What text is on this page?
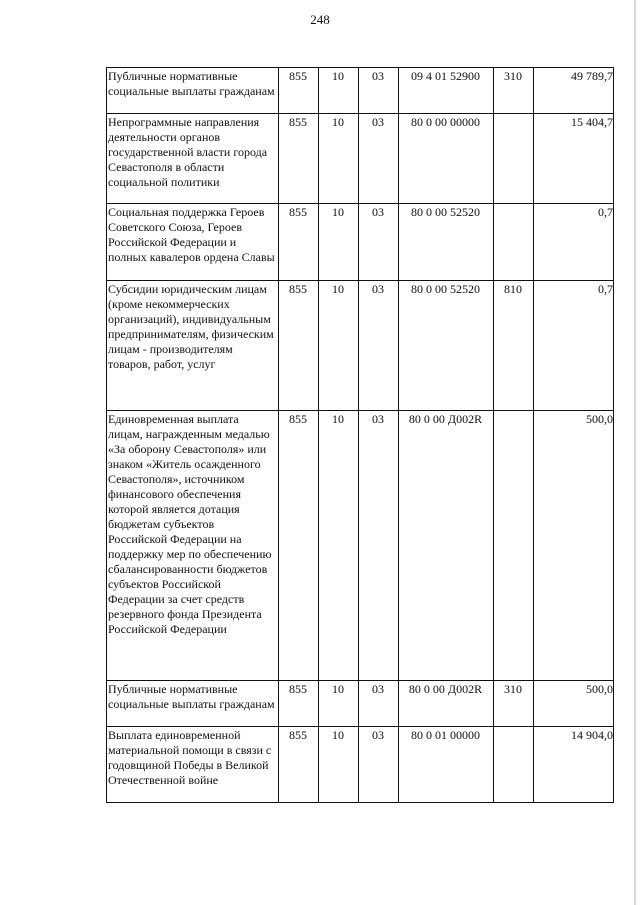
248
Публичные нормативные социальные выплаты гражданам	855	10	03	09 4 01 52900	310	49 789,7
Непрограммные направления деятельности органов государственной власти города Севастополя в области социальной политики	855	10	03	80 0 00 00000		15 404,7
Социальная поддержка Героев Советского Союза, Героев Российской Федерации и полных кавалеров ордена Славы	855	10	03	80 0 00 52520		0,7
Субсидии юридическим лицам (кроме некоммерческих организаций), индивидуальным предпринимателям, физическим лицам - производителям товаров, работ, услуг	855	10	03	80 0 00 52520	810	0,7
Единовременная выплата лицам, награжденным медалью «За оборону Севастополя» или знаком «Житель осажденного Севастополя», источником финансового обеспечения которой является дотация бюджетам субъектов Российской Федерации на поддержку мер по обеспечению сбалансированности бюджетов субъектов Российской Федерации за счет средств резервного фонда Президента Российской Федерации	855	10	03	80 0 00 Д002R		500,0
Публичные нормативные социальные выплаты гражданам	855	10	03	80 0 00 Д002R	310	500,0
Выплата единовременной материальной помощи в связи с годовщиной Победы в Великой Отечественной войне	855	10	03	80 0 01 00000		14 904,0
